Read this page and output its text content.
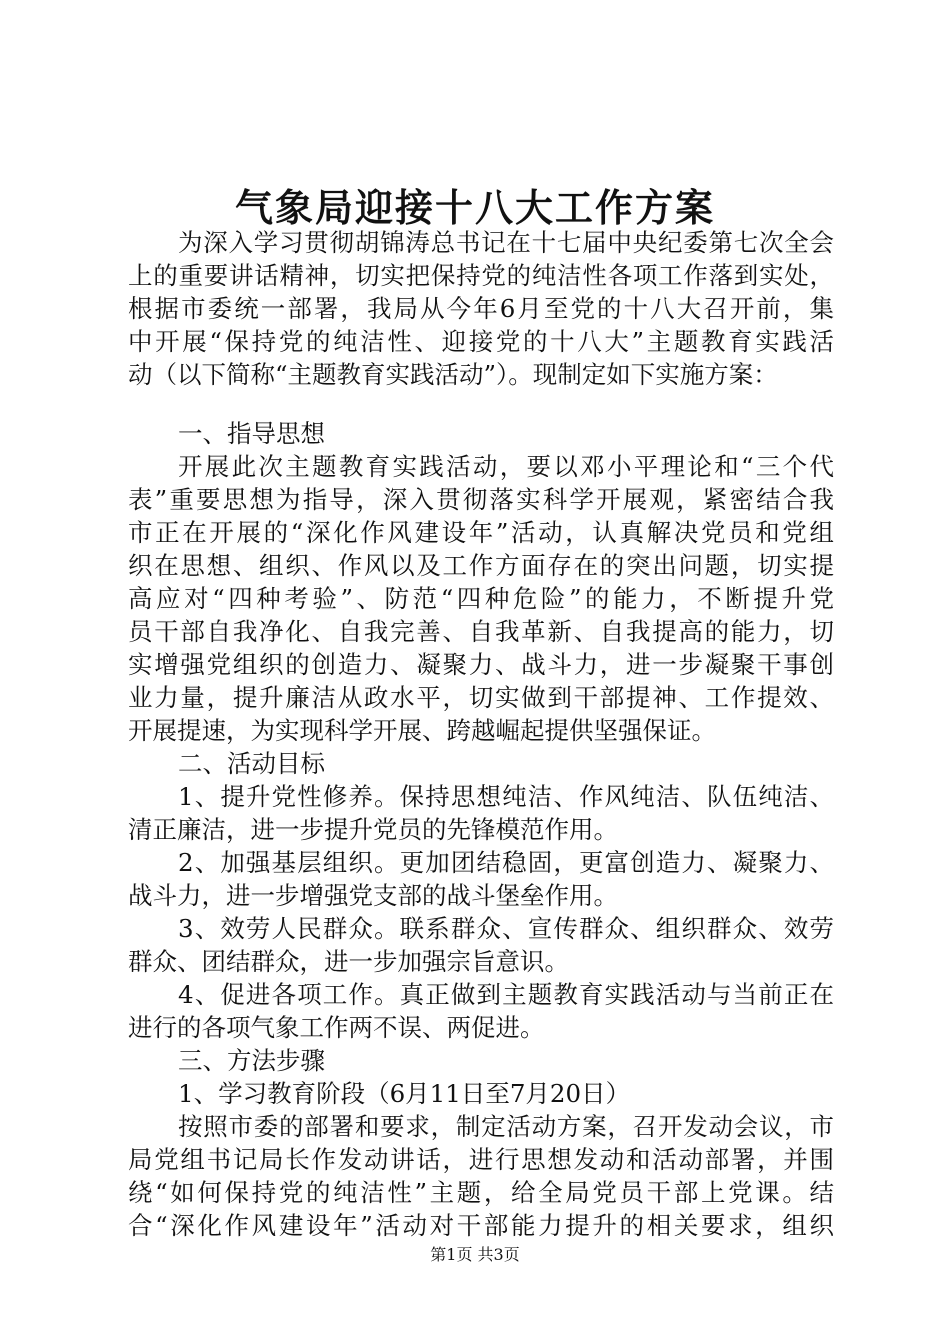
气象局迎接十八大工作方案
为深入学习贯彻胡锦涛总书记在十七届中央纪委第七次全会
上的重要讲话精神，切实把保持党的纯洁性各项工作落到实处，
根据市委统一部署，我局从今年6月至党的十八大召开前，集
中开展“保持党的纯洁性、迎接党的十八大”主题教育实践活
动（以下简称“主题教育实践活动”）。现制定如下实施方案：
一、指导思想
开展此次主题教育实践活动，要以邓小平理论和“三个代
表”重要思想为指导，深入贯彻落实科学开展观，紧密结合我
市正在开展的“深化作风建设年”活动，认真解决党员和党组
织在思想、组织、作风以及工作方面存在的突出问题，切实提
高应对“四种考验”、防范“四种危险”的能力，不断提升党
员干部自我净化、自我完善、自我革新、自我提高的能力，切
实增强党组织的创造力、凝聚力、战斗力，进一步凝聚干事创
业力量，提升廉洁从政水平，切实做到干部提神、工作提效、
开展提速，为实现科学开展、跨越崛起提供坚强保证。
二、活动目标
1、提升党性修养。保持思想纯洁、作风纯洁、队伍纯洁、
清正廉洁，进一步提升党员的先锋模范作用。
2、加强基层组织。更加团结稳固，更富创造力、凝聚力、
战斗力，进一步增强党支部的战斗堡垒作用。
3、效劳人民群众。联系群众、宣传群众、组织群众、效劳
群众、团结群众，进一步加强宗旨意识。
4、促进各项工作。真正做到主题教育实践活动与当前正在
进行的各项气象工作两不误、两促进。
三、方法步骤
1、学习教育阶段（6月11日至7月20日）
按照市委的部署和要求，制定活动方案，召开发动会议，市
局党组书记局长作发动讲话，进行思想发动和活动部署，并围
绕“如何保持党的纯洁性”主题，给全局党员干部上党课。结
合“深化作风建设年”活动对干部能力提升的相关要求，组织
第1页 共3页
